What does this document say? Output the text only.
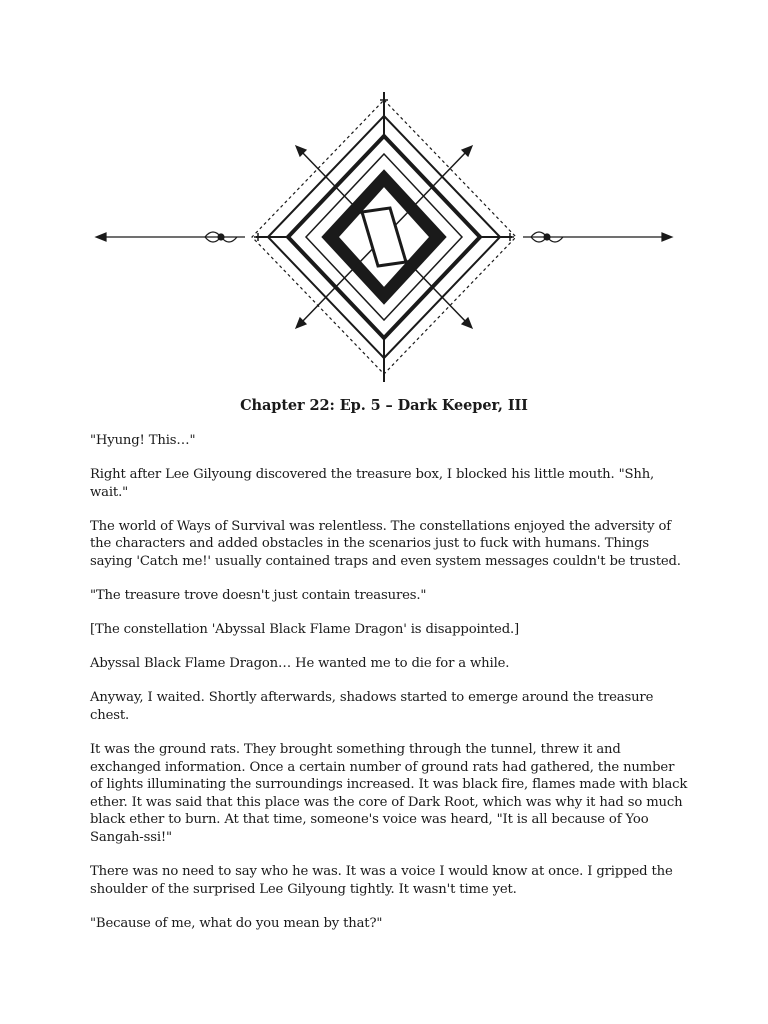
Chapter 22: Ep. 5 – Dark Keeper, III

"Hyung! This…"

Right after Lee Gilyoung discovered the treasure box, I blocked his little mouth. "Shh, wait."

The world of Ways of Survival was relentless. The constellations enjoyed the adversity of the characters and added obstacles in the scenarios just to fuck with humans. Things saying 'Catch me!' usually contained traps and even system messages couldn't be trusted.

"The treasure trove doesn't just contain treasures."

[The constellation 'Abyssal Black Flame Dragon' is disappointed.]

Abyssal Black Flame Dragon… He wanted me to die for a while.

Anyway, I waited. Shortly afterwards, shadows started to emerge around the treasure chest.

It was the ground rats. They brought something through the tunnel, threw it and exchanged information. Once a certain number of ground rats had gathered, the number of lights illuminating the surroundings increased. It was black fire, flames made with black ether. It was said that this place was the core of Dark Root, which was why it had so much black ether to burn. At that time, someone's voice was heard, "It is all because of Yoo Sangah-ssi!"

There was no need to say who he was. It was a voice I would know at once. I gripped the shoulder of the surprised Lee Gilyoung tightly. It wasn't time yet.

"Because of me, what do you mean by that?"
